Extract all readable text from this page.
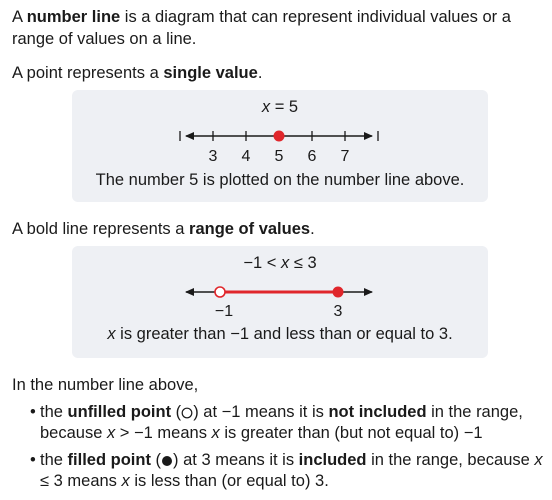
A number line is a diagram that can represent individual values or a range of values on a line.

A point represents a single value.

x = 5
3 4 5 6 7
The number 5 is plotted on the number line above.

A bold line represents a range of values.

−1 < x ≤ 3
−1	3
x is greater than −1 and less than or equal to 3.

In the number line above,

• the unfilled point ( ) at −1 means it is not included in the range, because x > −1 means x is greater than (but not equal to) −1
• the filled point ( ) at 3 means it is included in the range, because x ≤ 3 means x is less than (or equal to) 3.
